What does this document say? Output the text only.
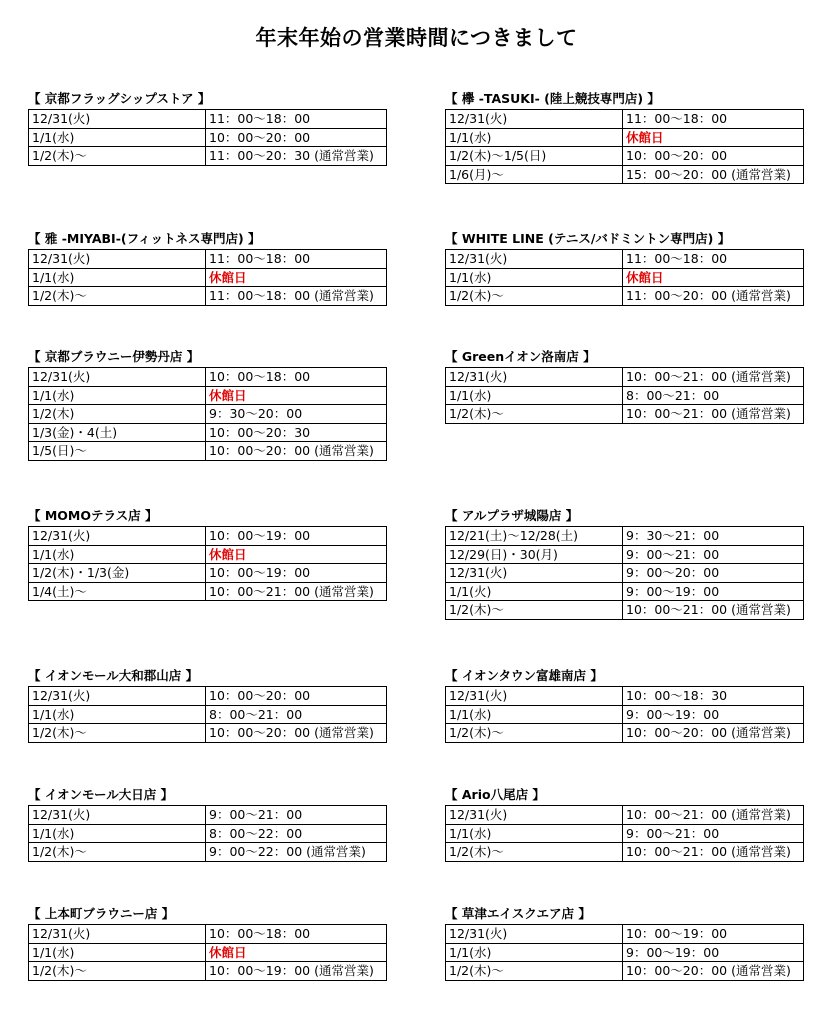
年末年始の営業時間につきまして
【 京都フラッグシップストア 】
12/31(火)	11：00〜18：00
1/1(水)	10：00〜20：00
1/2(木)〜	11：00〜20：30 (通常営業)
【 欅 -TASUKI- (陸上競技専門店) 】
12/31(火)	11：00〜18：00
1/1(水)	休館日
1/2(木)〜1/5(日)	10：00〜20：00
1/6(月)〜	15：00〜20：00 (通常営業)
【 雅 -MIYABI-(フィットネス専門店) 】
12/31(火)	11：00〜18：00
1/1(水)	休館日
1/2(木)〜	11：00〜18：00 (通常営業)
【 WHITE LINE (テニス/バドミントン専門店) 】
12/31(火)	11：00〜18：00
1/1(水)	休館日
1/2(木)〜	11：00〜20：00 (通常営業)
【 京都ブラウニー伊勢丹店 】
12/31(火)	10：00〜18：00
1/1(水)	休館日
1/2(木)	9：30〜20：00
1/3(金)・4(土)	10：00〜20：30
1/5(日)〜	10：00〜20：00 (通常営業)
【 Greenイオン洛南店 】
12/31(火)	10：00〜21：00 (通常営業)
1/1(水)	8：00〜21：00
1/2(木)〜	10：00〜21：00 (通常営業)
【 MOMOテラス店 】
12/31(火)	10：00〜19：00
1/1(水)	休館日
1/2(木)・1/3(金)	10：00〜19：00
1/4(土)〜	10：00〜21：00 (通常営業)
【 アルプラザ城陽店 】
12/21(土)〜12/28(土)	9：30〜21：00
12/29(日)・30(月)	9：00〜21：00
12/31(火)	9：00〜20：00
1/1(火)	9：00〜19：00
1/2(木)〜	10：00〜21：00 (通常営業)
【 イオンモール大和郡山店 】
12/31(火)	10：00〜20：00
1/1(水)	8：00〜21：00
1/2(木)〜	10：00〜20：00 (通常営業)
【 イオンタウン富雄南店 】
12/31(火)	10：00〜18：30
1/1(水)	9：00〜19：00
1/2(木)〜	10：00〜20：00 (通常営業)
【 イオンモール大日店 】
12/31(火)	9：00〜21：00
1/1(水)	8：00〜22：00
1/2(木)〜	9：00〜22：00 (通常営業)
【 Ario八尾店 】
12/31(火)	10：00〜21：00 (通常営業)
1/1(水)	9：00〜21：00
1/2(木)〜	10：00〜21：00 (通常営業)
【 上本町ブラウニー店 】
12/31(火)	10：00〜18：00
1/1(水)	休館日
1/2(木)〜	10：00〜19：00 (通常営業)
【 草津エイスクエア店 】
12/31(火)	10：00〜19：00
1/1(水)	9：00〜19：00
1/2(木)〜	10：00〜20：00 (通常営業)
